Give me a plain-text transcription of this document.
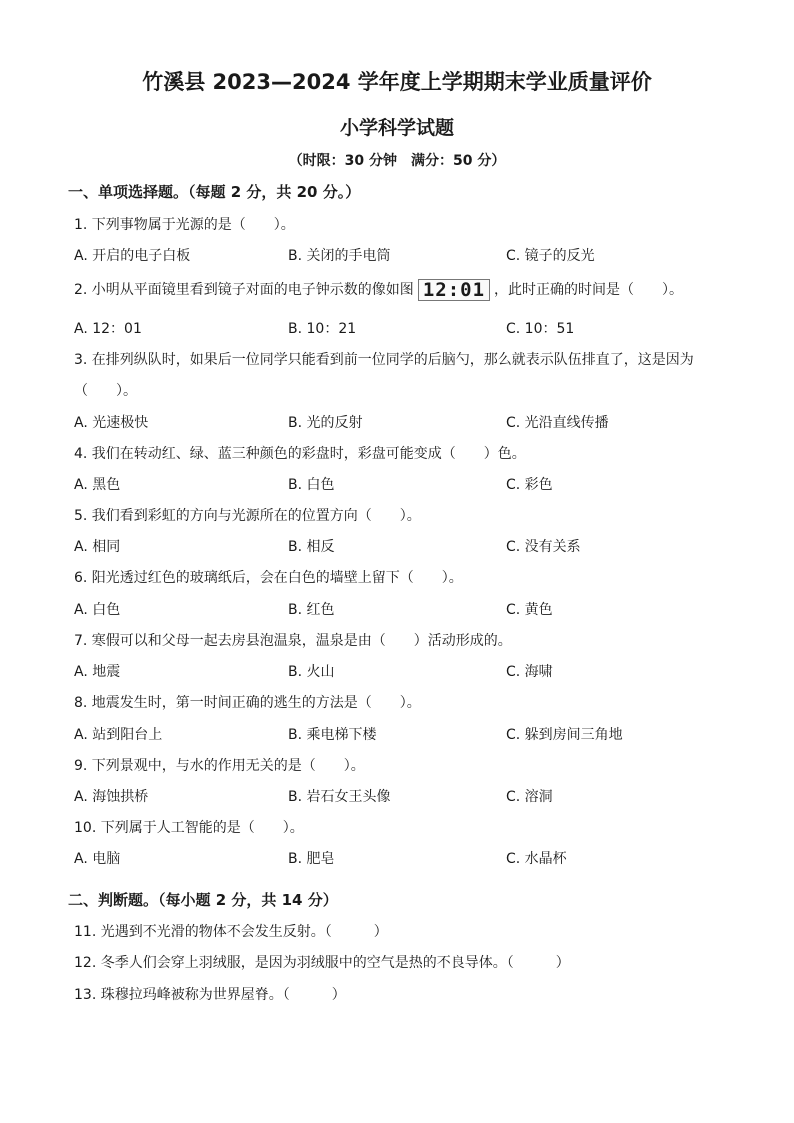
竹溪县 2023—2024 学年度上学期期末学业质量评价
小学科学试题
（时限：30 分钟　满分：50 分）
一、单项选择题。（每题 2 分，共 20 分。）
1. 下列事物属于光源的是（　　）。
A. 开启的电子白板	B. 关闭的手电筒	C. 镜子的反光
2. 小明从平面镜里看到镜子对面的电子钟示数的像如图 12:01 ，此时正确的时间是（　　）。
A. 12：01	B. 10：21	C. 10：51
3. 在排列纵队时，如果后一位同学只能看到前一位同学的后脑勺，那么就表示队伍排直了，这是因为
（　　）。
A. 光速极快	B. 光的反射	C. 光沿直线传播
4. 我们在转动红、绿、蓝三种颜色的彩盘时，彩盘可能变成（　　）色。
A. 黑色	B. 白色	C. 彩色
5. 我们看到彩虹的方向与光源所在的位置方向（　　）。
A. 相同	B. 相反	C. 没有关系
6. 阳光透过红色的玻璃纸后，会在白色的墙壁上留下（　　）。
A. 白色	B. 红色	C. 黄色
7. 寒假可以和父母一起去房县泡温泉，温泉是由（　　）活动形成的。
A. 地震	B. 火山	C. 海啸
8. 地震发生时，第一时间正确的逃生的方法是（　　）。
A. 站到阳台上	B. 乘电梯下楼	C. 躲到房间三角地
9. 下列景观中，与水的作用无关的是（　　）。
A. 海蚀拱桥	B. 岩石女王头像	C. 溶洞
10. 下列属于人工智能的是（　　）。
A. 电脑	B. 肥皂	C. 水晶杯
二、判断题。（每小题 2 分，共 14 分）
11. 光遇到不光滑的物体不会发生反射。（　　　）
12. 冬季人们会穿上羽绒服，是因为羽绒服中的空气是热的不良导体。（　　　）
13. 珠穆拉玛峰被称为世界屋脊。（　　　）
